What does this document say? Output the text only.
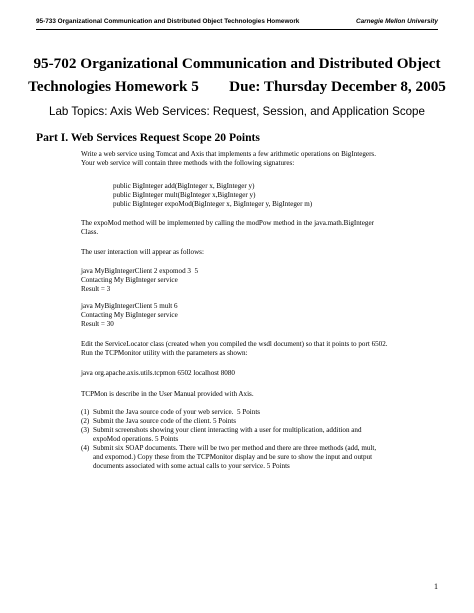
95-733 Organizational Communication and Distributed Object Technologies Homework	Carnegie Mellon University
95-702 Organizational Communication and Distributed Object
Technologies Homework 5        Due: Thursday December 8, 2005
Lab Topics: Axis Web Services: Request, Session, and Application Scope
Part I. Web Services Request Scope 20 Points
Write a web service using Tomcat and Axis that implements a few arithmetic operations on BigIntegers.
Your web service will contain three methods with the following signatures:
public BigInteger add(BigInteger x, BigInteger y)
public BigInteger mult(BigInteger x,BigInteger y)
public BigInteger expoMod(BigInteger x, BigInteger y, BigInteger m)
The expoMod method will be implemented by calling the modPow method in the java.math.BigInteger
Class.
The user interaction will appear as follows:
java MyBigIntegerClient 2 expomod 3  5
Contacting My BigInteger service
Result = 3
java MyBigIntegerClient 5 mult 6
Contacting My BigInteger service
Result = 30
Edit the ServiceLocator class (created when you compiled the wsdl document) so that it points to port 6502.
Run the TCPMonitor utility with the parameters as shown:
java org.apache.axis.utils.tcpmon 6502 localhost 8080
TCPMon is describe in the User Manual provided with Axis.
(1) Submit the Java source code of your web service.  5 Points
(2) Submit the Java source code of the client. 5 Points
(3) Submit screenshots showing your client interacting with a user for multiplication, addition and
expoMod operations. 5 Points
(4) Submit six SOAP documents. There will be two per method and there are three methods (add, mult,
and expomod.) Copy these from the TCPMonitor display and be sure to show the input and output
documents associated with some actual calls to your service. 5 Points
1
